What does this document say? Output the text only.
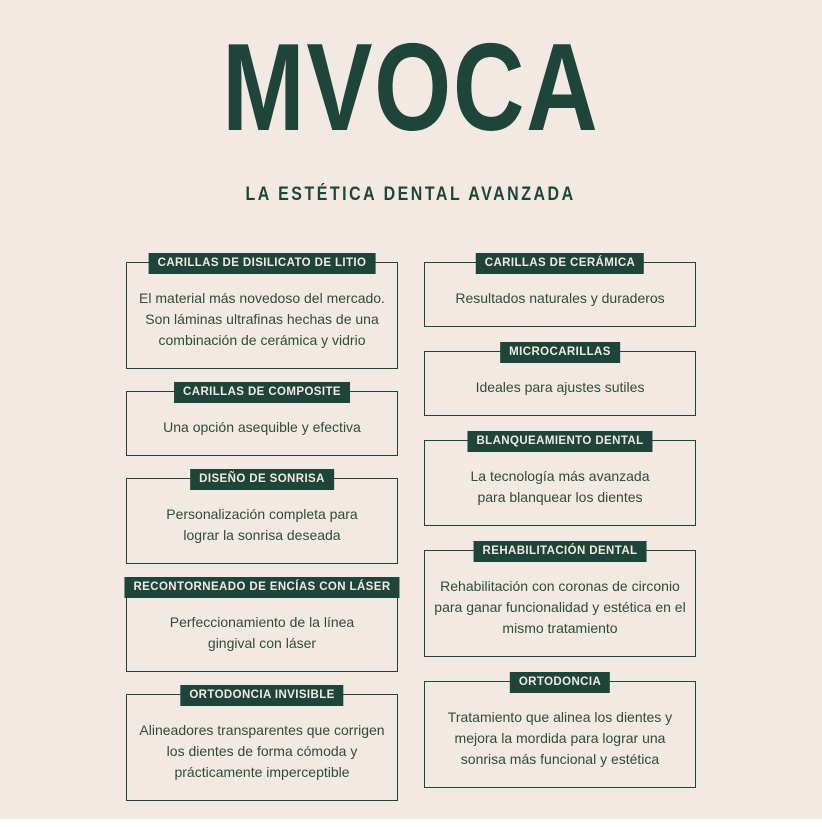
MVOCA
LA ESTÉTICA DENTAL AVANZADA
CARILLAS DE DISILICATO DE LITIO

El material más novedoso del mercado. Son láminas ultrafinas hechas de una combinación de cerámica y vidrio

CARILLAS DE COMPOSITE

Una opción asequible y efectiva

DISEÑO DE SONRISA

Personalización completa para lograr la sonrisa deseada

RECONTORNEADO DE ENCÍAS CON LÁSER

Perfeccionamiento de la línea gingival con láser

ORTODONCIA INVISIBLE

Alineadores transparentes que corrigen los dientes de forma cómoda y prácticamente imperceptible

CARILLAS DE CERÁMICA

Resultados naturales y duraderos

MICROCARILLAS

Ideales para ajustes sutiles

BLANQUEAMIENTO DENTAL

La tecnología más avanzada para blanquear los dientes

REHABILITACIÓN DENTAL

Rehabilitación con coronas de circonio para ganar funcionalidad y estética en el mismo tratamiento

ORTODONCIA

Tratamiento que alinea los dientes y mejora la mordida para lograr una sonrisa más funcional y estética
